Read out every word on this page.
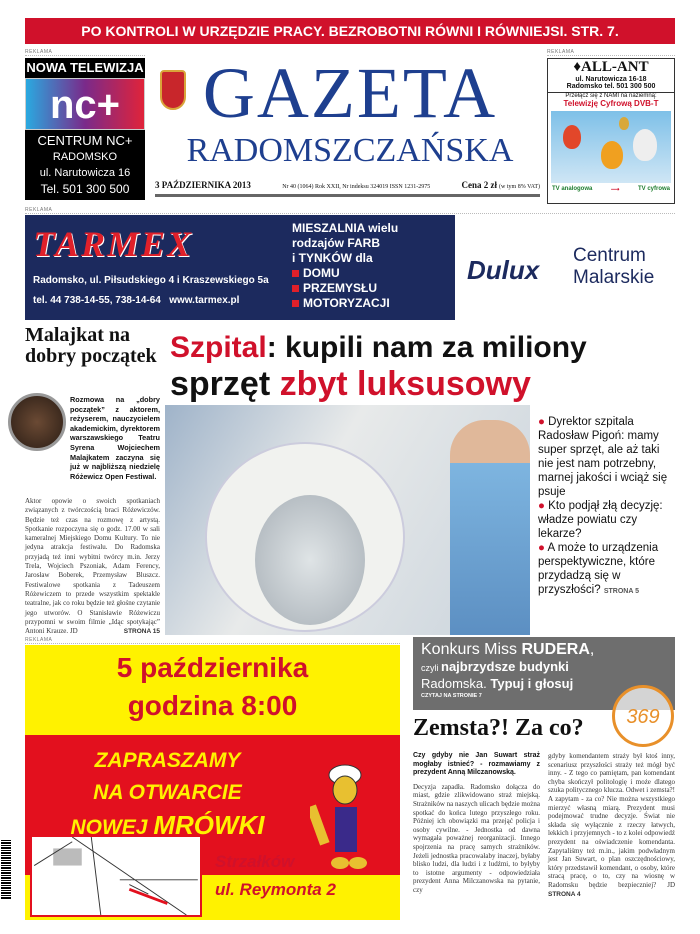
PO KONTROLI W URZĘDZIE PRACY. BEZROBOTNI RÓWNI I RÓWNIEJSI. STR. 7.
REKLAMA
NOWA TELEWIZJA
nc+
CENTRUM NC+
RADOMSKO
ul. Narutowicza 16
Tel. 501 300 500
GAZETA
RADOMSZCZAŃSKA
3 PAŹDZIERNIKA 2013	Nr 40 (1064) Rok XXII, Nr indeksu 324019 ISSN 1231-2975	Cena 2 zł (w tym 8% VAT)
REKLAMA
♦ALL-ANT
ul. Narutowicza 16-18
Radomsko tel. 501 300 500
Przełącz się z NAMI na naziemną:
Telewizję Cyfrową DVB-T
TV analogowa	⟶	TV cyfrowa
REKLAMA
TARMEX
Radomsko, ul. Piłsudskiego 4 i Kraszewskiego 5a
tel. 44 738-14-55, 738-14-64 www.tarmex.pl
MIESZALNIA wielu
rodzajów FARB
i TYNKÓW dla
DOMU
PRZEMYSŁU
MOTORYZACJI
Dulux Centrum
Malarskie
Malajkat na dobry początek
Rozmowa na „dobry początek” z aktorem, reżyserem, nauczycielem akademickim, dyrektorem warszawskiego Teatru Syrena Wojciechem Malajkatem zaczyna się już w najbliższą niedzielę Różewicz Open Festiwal.
Aktor opowie o swoich spotkaniach związanych z twórczością braci Różewiczów. Będzie też czas na rozmowę z artystą. Spotkanie rozpoczyna się o godz. 17.00 w sali kameralnej Miejskiego Domu Kultury. To nie jedyna atrakcja festiwalu. Do Radomska przyjadą też inni wybitni twórcy m.in. Jerzy Trela, Wojciech Pszoniak, Adam Ferency, Jarosław Boberek, Przemysław Bluszcz. Festiwalowe spotkania z Tadeuszem Różewiczem to przede wszystkim spektakle teatralne, jak co roku będzie też głośne czytanie jego utworów. O Stanisławie Różewiczu przypomni w swoim filmie „Idąc spotykając” Antoni Krauze. JD	STRONA 15
Szpital: kupili nam za miliony
sprzęt zbyt luksusowy

● Dyrektor szpitala Radosław Pigoń: mamy super sprzęt, ale aż taki nie jest nam potrzebny, marnej jakości i wciąż się psuje

● Kto podjął złą decyzję: władze powiatu czy lekarze?

● A może to urządzenia perspektywiczne, które przydadzą się w przyszłości? STRONA 5
REKLAMA
5 października
godzina 8:00
ZAPRASZAMY
NA OTWARCIE
NOWEJ MRÓWKI
Strzałków
ul. Reymonta 2
Konkurs Miss RUDERA,
czyli najbrzydsze budynki
Radomska. Typuj i głosuj
CZYTAJ NA STRONIE 7
369
Zemsta?! Za co?
Czy gdyby nie Jan Suwart straż mogłaby istnieć? - rozmawiamy z prezydent Anną Milczanowską.
Decyzja zapadła. Radomsko dołącza do miast, gdzie zlikwidowano straż miejską. Strażników na naszych ulicach będzie można spotkać do końca lutego przyszłego roku. Później ich obowiązki ma przejąć policja i osoby cywilne. - Jednostka od dawna wymagała poważnej reorganizacji. Innego spojrzenia na pracę samych strażników. Jeżeli jednostka pracowałaby inaczej, byłaby blisko ludzi, dla ludzi i z ludźmi, to byłyby to istotne argumenty - odpowiedziała prezydent Anna Milczanowska na pytanie, czy
gdyby komendantem straży był ktoś inny, scenariusz przyszłości straży też mógł być inny. - Z tego co pamiętam, pan komendant chyba skończył politologię i może dlatego szuka politycznego klucza. Odwet i zemsta?! A zapytam - za co? Nie można wszystkiego mierzyć własną miarą. Prezydent musi podejmować trudne decyzje. Świat nie składa się wyłącznie z rzeczy łatwych, lekkich i przyjemnych - to z kolei odpowiedź prezydent na oświadczenie komendanta. Zapytaliśmy też m.in., jakim podwładnym jest Jan Suwart, o plan oszczędnościowy, który przedstawił komendant, o osoby, które stracą pracę, o to, czy na wiosnę w Radomsku będzie bezpieczniej? JD STRONA 4
